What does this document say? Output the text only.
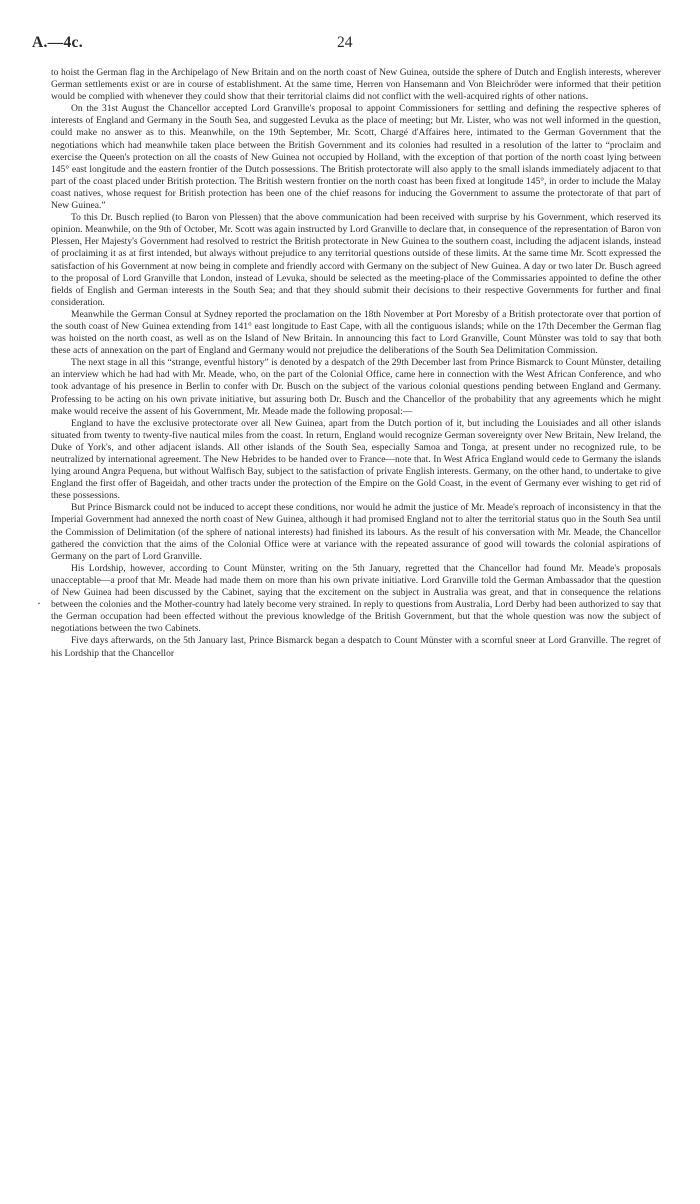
A.—4c.	24
·

to hoist the German flag in the Archipelago of New Britain and on the north coast of New Guinea, outside the sphere of Dutch and English interests, wherever German settlements exist or are in course of establishment. At the same time, Herren von Hansemann and Von Bleichröder were informed that their petition would be complied with whenever they could show that their territorial claims did not conflict with the well-acquired rights of other nations.

On the 31st August the Chancellor accepted Lord Granville's proposal to appoint Commissioners for settling and defining the respective spheres of interests of England and Germany in the South Sea, and suggested Levuka as the place of meeting; but Mr. Lister, who was not well informed in the question, could make no answer as to this. Meanwhile, on the 19th September, Mr. Scott, Chargé d'Affaires here, intimated to the German Government that the negotiations which had meanwhile taken place between the British Government and its colonies had resulted in a resolution of the latter to “proclaim and exercise the Queen's protection on all the coasts of New Guinea not occupied by Holland, with the exception of that portion of the north coast lying between 145° east longitude and the eastern frontier of the Dutch possessions. The British protectorate will also apply to the small islands immediately adjacent to that part of the coast placed under British protection. The British western frontier on the north coast has been fixed at longitude 145°, in order to include the Malay coast natives, whose request for British protection has been one of the chief reasons for inducing the Government to assume the protectorate of that part of New Guinea.”

To this Dr. Busch replied (to Baron von Plessen) that the above communication had been received with surprise by his Government, which reserved its opinion. Meanwhile, on the 9th of October, Mr. Scott was again instructed by Lord Granville to declare that, in consequence of the representation of Baron von Plessen, Her Majesty's Government had resolved to restrict the British protectorate in New Guinea to the southern coast, including the adjacent islands, instead of proclaiming it as at first intended, but always without prejudice to any territorial questions outside of these limits. At the same time Mr. Scott expressed the satisfaction of his Government at now being in complete and friendly accord with Germany on the subject of New Guinea. A day or two later Dr. Busch agreed to the proposal of Lord Granville that London, instead of Levuka, should be selected as the meeting-place of the Commissaries appointed to define the other fields of English and German interests in the South Sea; and that they should submit their decisions to their respective Governments for further and final consideration.

Meanwhile the German Consul at Sydney reported the proclamation on the 18th November at Port Moresby of a British protectorate over that portion of the south coast of New Guinea extending from 141° east longitude to East Cape, with all the contiguous islands; while on the 17th December the German flag was hoisted on the north coast, as well as on the Island of New Britain. In announcing this fact to Lord Granville, Count Münster was told to say that both these acts of annexation on the part of England and Germany would not prejudice the deliberations of the South Sea Delimitation Commission.

The next stage in all this “strange, eventful history” is denoted by a despatch of the 29th December last from Prince Bismarck to Count Münster, detailing an interview which he had had with Mr. Meade, who, on the part of the Colonial Office, came here in connection with the West African Conference, and who took advantage of his presence in Berlin to confer with Dr. Busch on the subject of the various colonial questions pending between England and Germany. Professing to be acting on his own private initiative, but assuring both Dr. Busch and the Chancellor of the probability that any agreements which he might make would receive the assent of his Government, Mr. Meade made the following proposal:—

England to have the exclusive protectorate over all New Guinea, apart from the Dutch portion of it, but including the Louisiades and all other islands situated from twenty to twenty-five nautical miles from the coast. In return, England would recognize German sovereignty over New Britain, New Ireland, the Duke of York's, and other adjacent islands. All other islands of the South Sea, especially Samoa and Tonga, at present under no recognized rule, to be neutralized by international agreement. The New Hebrides to be handed over to France—note that. In West Africa England would cede to Germany the islands lying around Angra Pequena, but without Walfisch Bay, subject to the satisfaction of private English interests. Germany, on the other hand, to undertake to give England the first offer of Bageidah, and other tracts under the protection of the Empire on the Gold Coast, in the event of Germany ever wishing to get rid of these possessions.

But Prince Bismarck could not be induced to accept these conditions, nor would he admit the justice of Mr. Meade's reproach of inconsistency in that the Imperial Government had annexed the north coast of New Guinea, although it had promised England not to alter the territorial status quo in the South Sea until the Commission of Delimitation (of the sphere of national interests) had finished its labours. As the result of his conversation with Mr. Meade, the Chancellor gathered the conviction that the aims of the Colonial Office were at variance with the repeated assurance of good will towards the colonial aspirations of Germany on the part of Lord Granville.

His Lordship, however, according to Count Münster, writing on the 5th January, regretted that the Chancellor had found Mr. Meade's proposals unacceptable—a proof that Mr. Meade had made them on more than his own private initiative. Lord Granville told the German Ambassador that the question of New Guinea had been discussed by the Cabinet, saying that the excitement on the subject in Australia was great, and that in consequence the relations between the colonies and the Mother-country had lately become very strained. In reply to questions from Australia, Lord Derby had been authorized to say that the German occupation had been effected without the previous knowledge of the British Government, but that the whole question was now the subject of negotiations between the two Cabinets.

Five days afterwards, on the 5th January last, Prince Bismarck began a despatch to Count Münster with a scornful sneer at Lord Granville. The regret of his Lordship that the Chancellor
